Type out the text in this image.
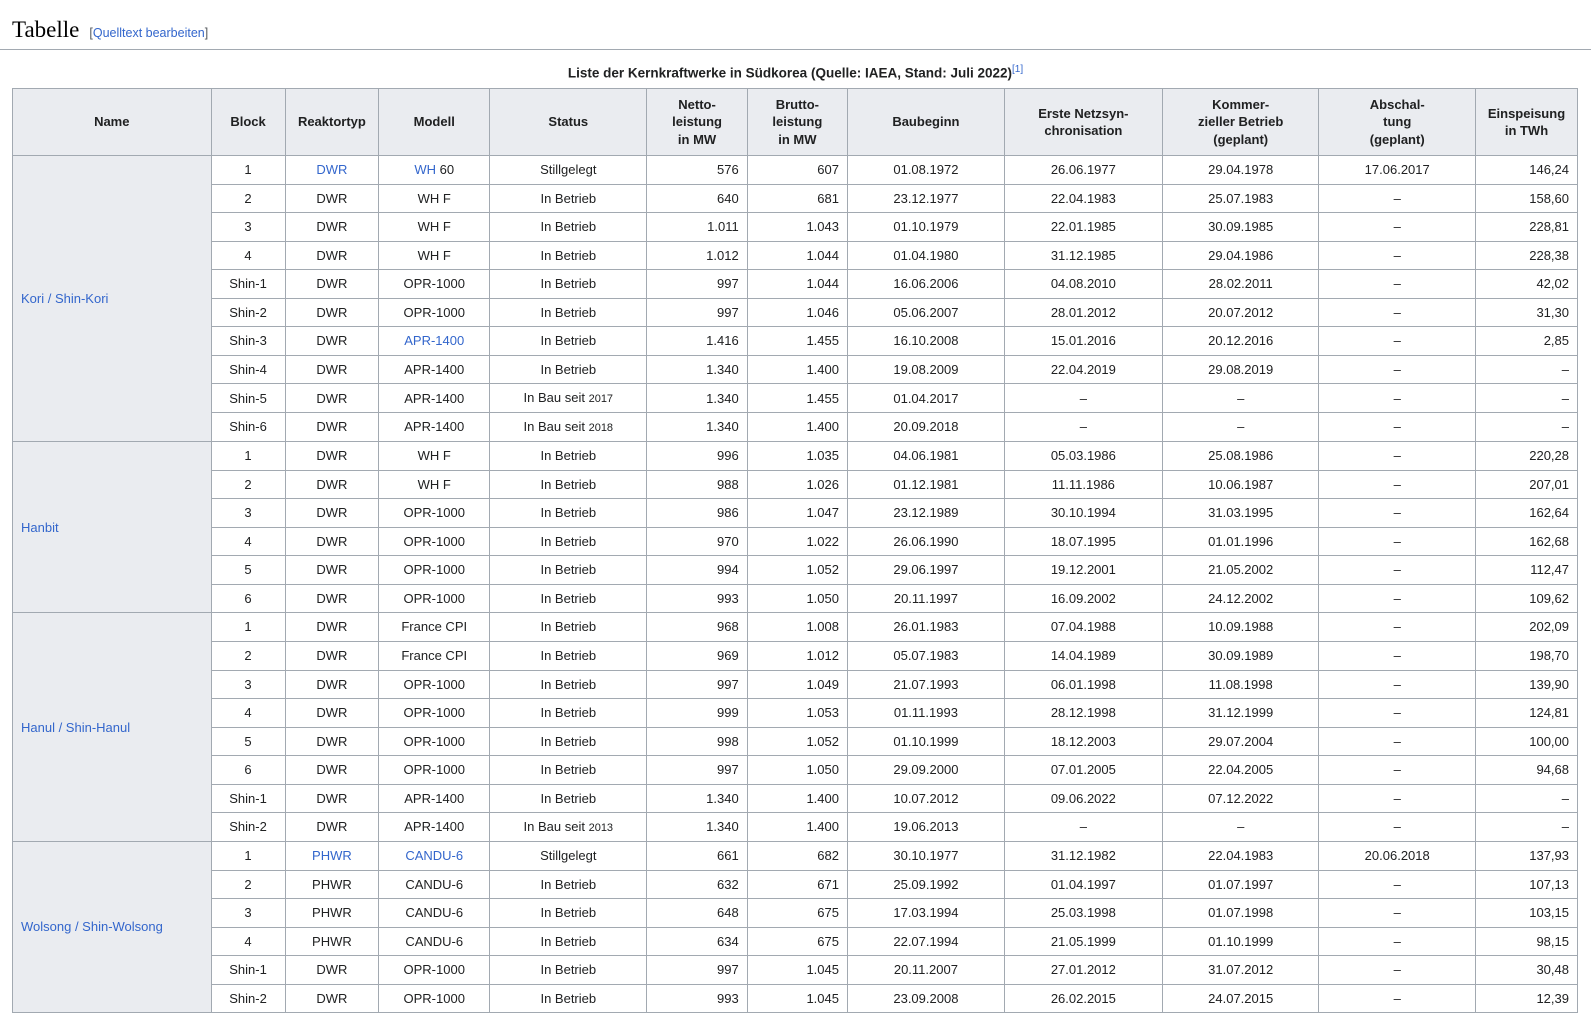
Tabelle [Quelltext bearbeiten]
Liste der Kernkraftwerke in Südkorea (Quelle: IAEA, Stand: Juli 2022)[1]
Name	Block	Reaktortyp	Modell	Status	Netto-
leistung
in MW	Brutto-
leistung
in MW	Baubeginn	Erste Netzsyn-
chronisation	Kommer-
zieller Betrieb
(geplant)	Abschal-
tung
(geplant)	Einspeisung
in TWh

Kori / Shin-Kori	1	DWR	WH 60	Stillgelegt	576	607	01.08.1972	26.06.1977	29.04.1978	17.06.2017	146,24
	2	DWR	WH F	In Betrieb	640	681	23.12.1977	22.04.1983	25.07.1983	–	158,60
	3	DWR	WH F	In Betrieb	1.011	1.043	01.10.1979	22.01.1985	30.09.1985	–	228,81
	4	DWR	WH F	In Betrieb	1.012	1.044	01.04.1980	31.12.1985	29.04.1986	–	228,38
	Shin-1	DWR	OPR-1000	In Betrieb	997	1.044	16.06.2006	04.08.2010	28.02.2011	–	42,02
	Shin-2	DWR	OPR-1000	In Betrieb	997	1.046	05.06.2007	28.01.2012	20.07.2012	–	31,30
	Shin-3	DWR	APR-1400	In Betrieb	1.416	1.455	16.10.2008	15.01.2016	20.12.2016	–	2,85
	Shin-4	DWR	APR-1400	In Betrieb	1.340	1.400	19.08.2009	22.04.2019	29.08.2019	–	–
	Shin-5	DWR	APR-1400	In Bau seit 2017	1.340	1.455	01.04.2017	–	–	–	–
	Shin-6	DWR	APR-1400	In Bau seit 2018	1.340	1.400	20.09.2018	–	–	–	–
Hanbit	1	DWR	WH F	In Betrieb	996	1.035	04.06.1981	05.03.1986	25.08.1986	–	220,28
	2	DWR	WH F	In Betrieb	988	1.026	01.12.1981	11.11.1986	10.06.1987	–	207,01
	3	DWR	OPR-1000	In Betrieb	986	1.047	23.12.1989	30.10.1994	31.03.1995	–	162,64
	4	DWR	OPR-1000	In Betrieb	970	1.022	26.06.1990	18.07.1995	01.01.1996	–	162,68
	5	DWR	OPR-1000	In Betrieb	994	1.052	29.06.1997	19.12.2001	21.05.2002	–	112,47
	6	DWR	OPR-1000	In Betrieb	993	1.050	20.11.1997	16.09.2002	24.12.2002	–	109,62
Hanul / Shin-Hanul	1	DWR	France CPI	In Betrieb	968	1.008	26.01.1983	07.04.1988	10.09.1988	–	202,09
	2	DWR	France CPI	In Betrieb	969	1.012	05.07.1983	14.04.1989	30.09.1989	–	198,70
	3	DWR	OPR-1000	In Betrieb	997	1.049	21.07.1993	06.01.1998	11.08.1998	–	139,90
	4	DWR	OPR-1000	In Betrieb	999	1.053	01.11.1993	28.12.1998	31.12.1999	–	124,81
	5	DWR	OPR-1000	In Betrieb	998	1.052	01.10.1999	18.12.2003	29.07.2004	–	100,00
	6	DWR	OPR-1000	In Betrieb	997	1.050	29.09.2000	07.01.2005	22.04.2005	–	94,68
	Shin-1	DWR	APR-1400	In Betrieb	1.340	1.400	10.07.2012	09.06.2022	07.12.2022	–	–
	Shin-2	DWR	APR-1400	In Bau seit 2013	1.340	1.400	19.06.2013	–	–	–	–
Wolsong / Shin-Wolsong	1	PHWR	CANDU-6	Stillgelegt	661	682	30.10.1977	31.12.1982	22.04.1983	20.06.2018	137,93
	2	PHWR	CANDU-6	In Betrieb	632	671	25.09.1992	01.04.1997	01.07.1997	–	107,13
	3	PHWR	CANDU-6	In Betrieb	648	675	17.03.1994	25.03.1998	01.07.1998	–	103,15
	4	PHWR	CANDU-6	In Betrieb	634	675	22.07.1994	21.05.1999	01.10.1999	–	98,15
	Shin-1	DWR	OPR-1000	In Betrieb	997	1.045	20.11.2007	27.01.2012	31.07.2012	–	30,48
	Shin-2	DWR	OPR-1000	In Betrieb	993	1.045	23.09.2008	26.02.2015	24.07.2015	–	12,39
